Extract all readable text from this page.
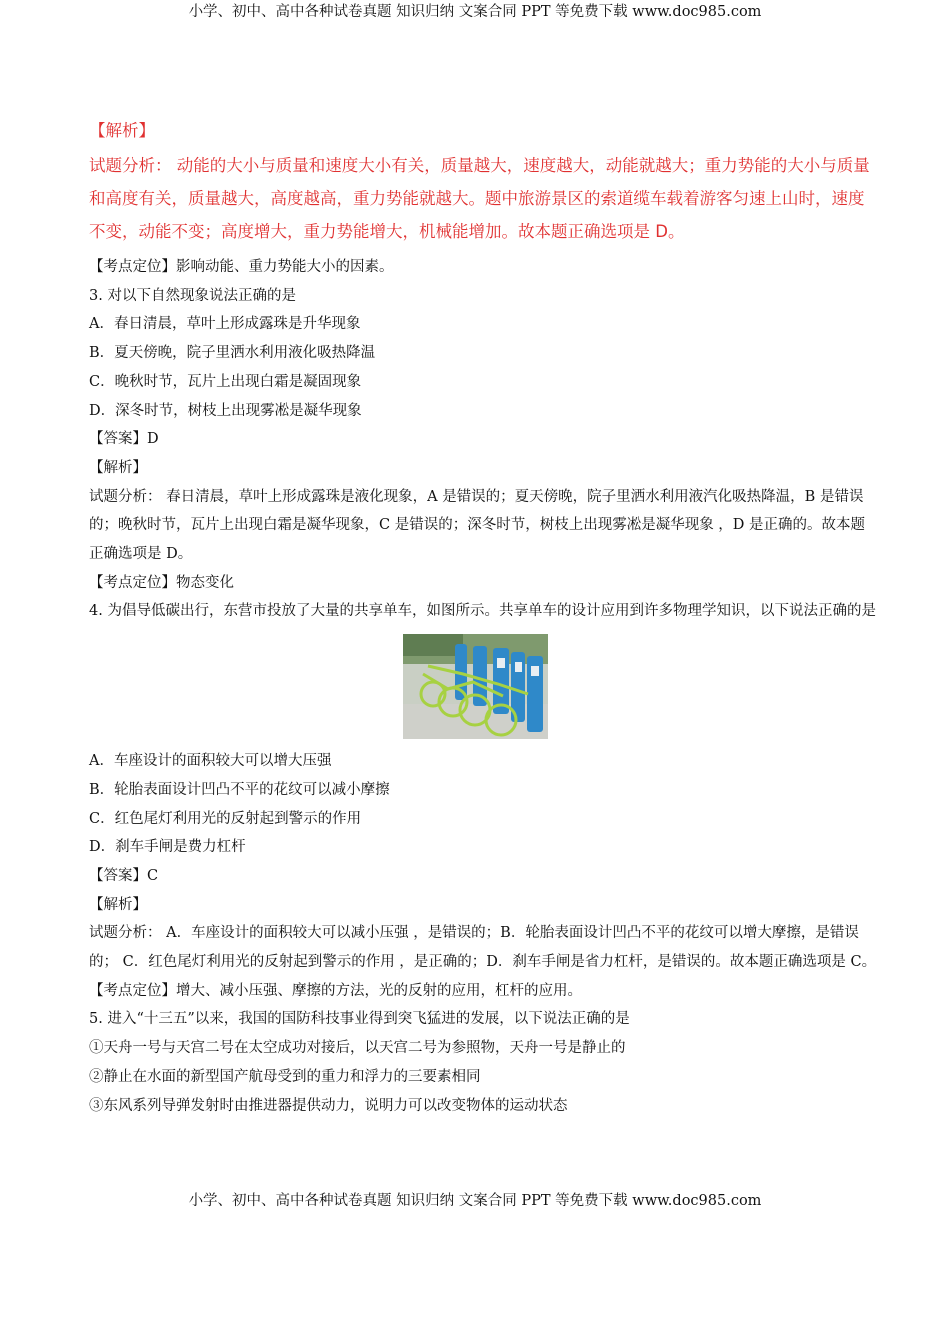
小学、初中、高中各种试卷真题 知识归纳 文案合同 PPT 等免费下载 www.doc985.com
【解析】
试题分析： 动能的大小与质量和速度大小有关，质量越大，速度越大，动能就越大；重力势能的大小与质量和高度有关，质量越大，高度越高，重力势能就越大。题中旅游景区的索道缆车载着游客匀速上山时，速度不变，动能不变；高度增大，重力势能增大，机械能增加。故本题正确选项是 D。
【考点定位】影响动能、重力势能大小的因素。
3. 对以下自然现象说法正确的是
A．春日清晨，草叶上形成露珠是升华现象
B．夏天傍晚，院子里洒水利用液化吸热降温
C．晚秋时节，瓦片上出现白霜是凝固现象
D．深冬时节，树枝上出现雾凇是凝华现象
【答案】D
【解析】
试题分析： 春日清晨，草叶上形成露珠是液化现象，A 是错误的；夏天傍晚，院子里洒水利用液汽化吸热降温，B 是错误的；晚秋时节，瓦片上出现白霜是凝华现象，C 是错误的；深冬时节，树枝上出现雾凇是凝华现象 ，D 是正确的。故本题正确选项是 D。
【考点定位】物态变化
4. 为倡导低碳出行，东营市投放了大量的共享单车，如图所示。共享单车的设计应用到许多物理学知识，以下说法正确的是
A．车座设计的面积较大可以增大压强
B．轮胎表面设计凹凸不平的花纹可以减小摩擦
C．红色尾灯利用光的反射起到警示的作用
D．刹车手闸是费力杠杆
【答案】C
【解析】
试题分析： A．车座设计的面积较大可以减小压强 ，是错误的；B．轮胎表面设计凹凸不平的花纹可以增大摩擦，是错误的； C．红色尾灯利用光的反射起到警示的作用 ，是正确的；D．刹车手闸是省力杠杆，是错误的。故本题正确选项是 C。
【考点定位】增大、减小压强、摩擦的方法，光的反射的应用，杠杆的应用。
5. 进入“十三五”以来，我国的国防科技事业得到突飞猛进的发展，以下说法正确的是
①天舟一号与天宫二号在太空成功对接后，以天宫二号为参照物，天舟一号是静止的
②静止在水面的新型国产航母受到的重力和浮力的三要素相同
③东风系列导弹发射时由推进器提供动力，说明力可以改变物体的运动状态
小学、初中、高中各种试卷真题 知识归纳 文案合同 PPT 等免费下载 www.doc985.com
